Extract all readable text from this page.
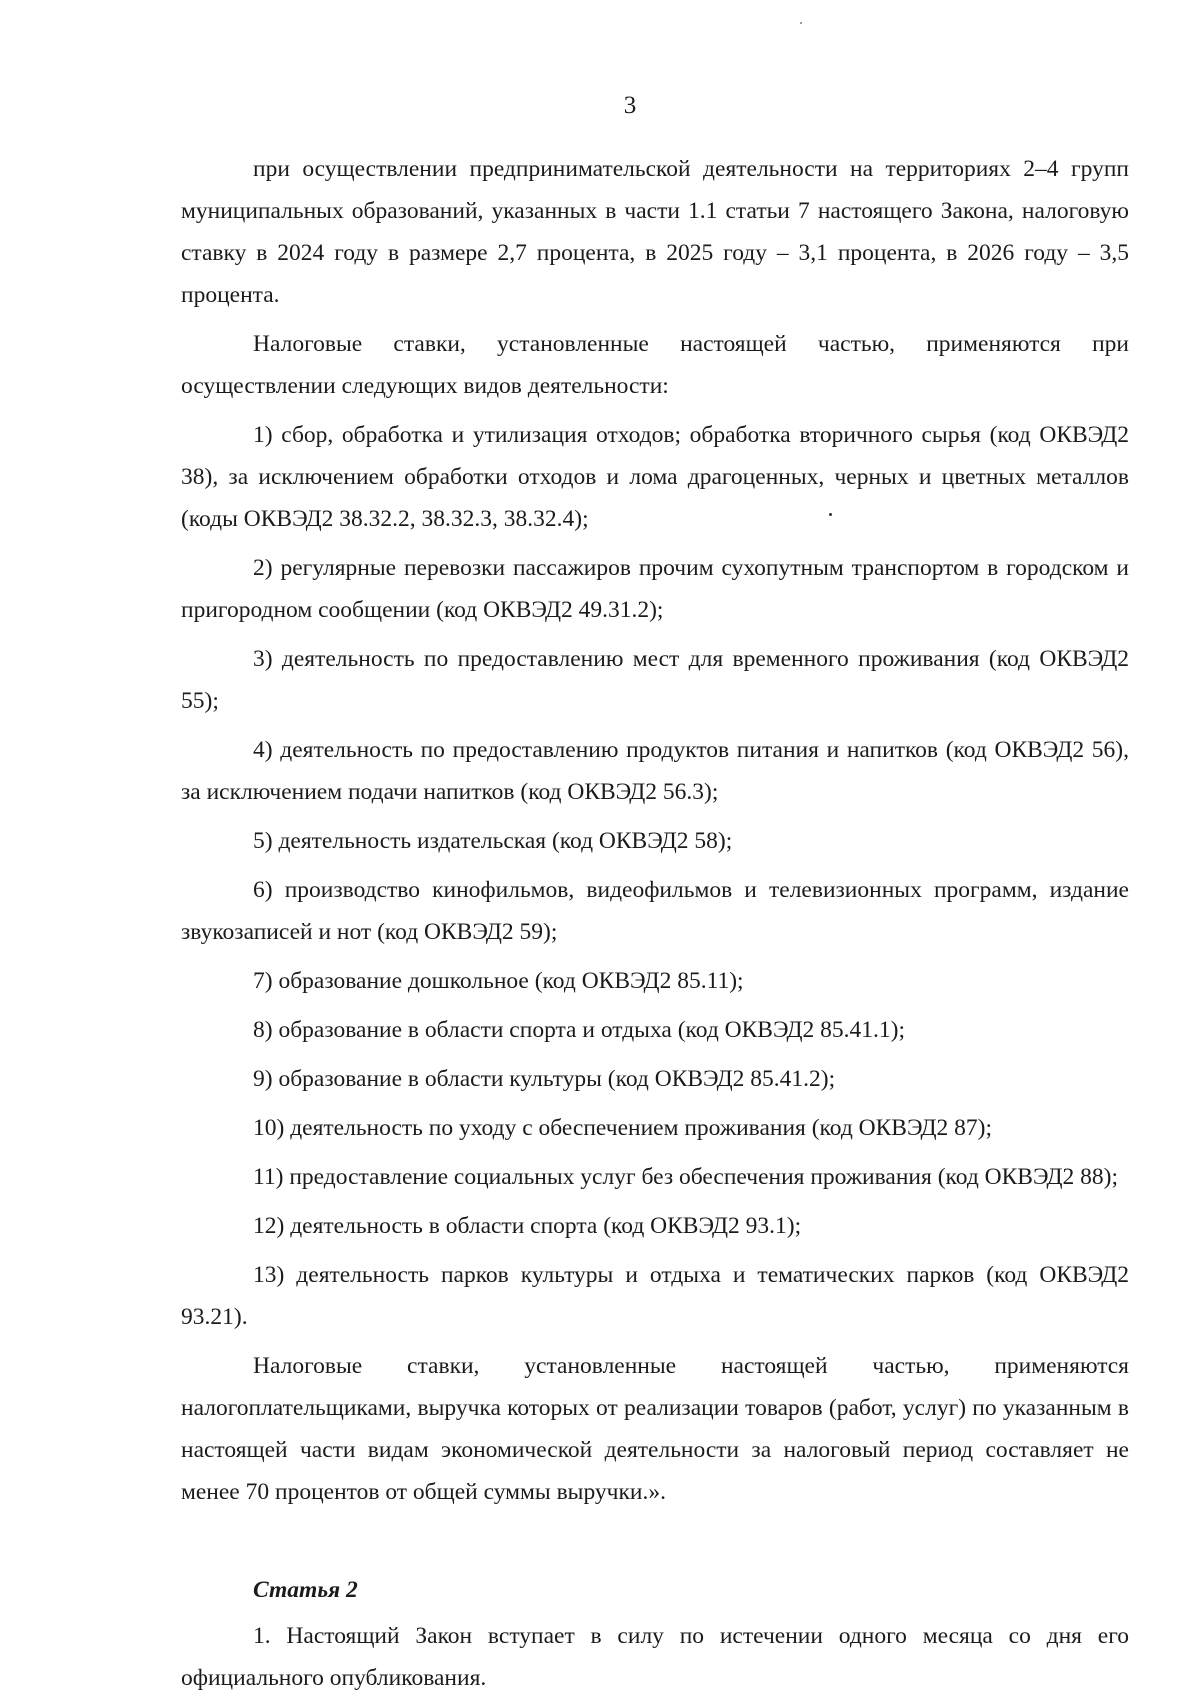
3

при осуществлении предпринимательской деятельности на территориях 2–4 групп муниципальных образований, указанных в части 1.1 статьи 7 настоящего Закона, налоговую ставку в 2024 году в размере 2,7 процента, в 2025 году – 3,1 процента, в 2026 году – 3,5 процента.

Налоговые ставки, установленные настоящей частью, применяются при осуществлении следующих видов деятельности:

1) сбор, обработка и утилизация отходов; обработка вторичного сырья (код ОКВЭД2 38), за исключением обработки отходов и лома драгоценных, черных и цветных металлов (коды ОКВЭД2 38.32.2, 38.32.3, 38.32.4);

2) регулярные перевозки пассажиров прочим сухопутным транспортом в городском и пригородном сообщении (код ОКВЭД2 49.31.2);

3) деятельность по предоставлению мест для временного проживания (код ОКВЭД2 55);

4) деятельность по предоставлению продуктов питания и напитков (код ОКВЭД2 56), за исключением подачи напитков (код ОКВЭД2 56.3);

5) деятельность издательская (код ОКВЭД2 58);

6) производство кинофильмов, видеофильмов и телевизионных программ, издание звукозаписей и нот (код ОКВЭД2 59);

7) образование дошкольное (код ОКВЭД2 85.11);

8) образование в области спорта и отдыха (код ОКВЭД2 85.41.1);

9) образование в области культуры (код ОКВЭД2 85.41.2);

10) деятельность по уходу с обеспечением проживания (код ОКВЭД2 87);

11) предоставление социальных услуг без обеспечения проживания (код ОКВЭД2 88);

12) деятельность в области спорта (код ОКВЭД2 93.1);

13) деятельность парков культуры и отдыха и тематических парков (код ОКВЭД2 93.21).

Налоговые ставки, установленные настоящей частью, применяются налогоплательщиками, выручка которых от реализации товаров (работ, услуг) по указанным в настоящей части видам экономической деятельности за налоговый период составляет не менее 70 процентов от общей суммы выручки.».

Статья 2

1. Настоящий Закон вступает в силу по истечении одного месяца со дня его официального опубликования.
